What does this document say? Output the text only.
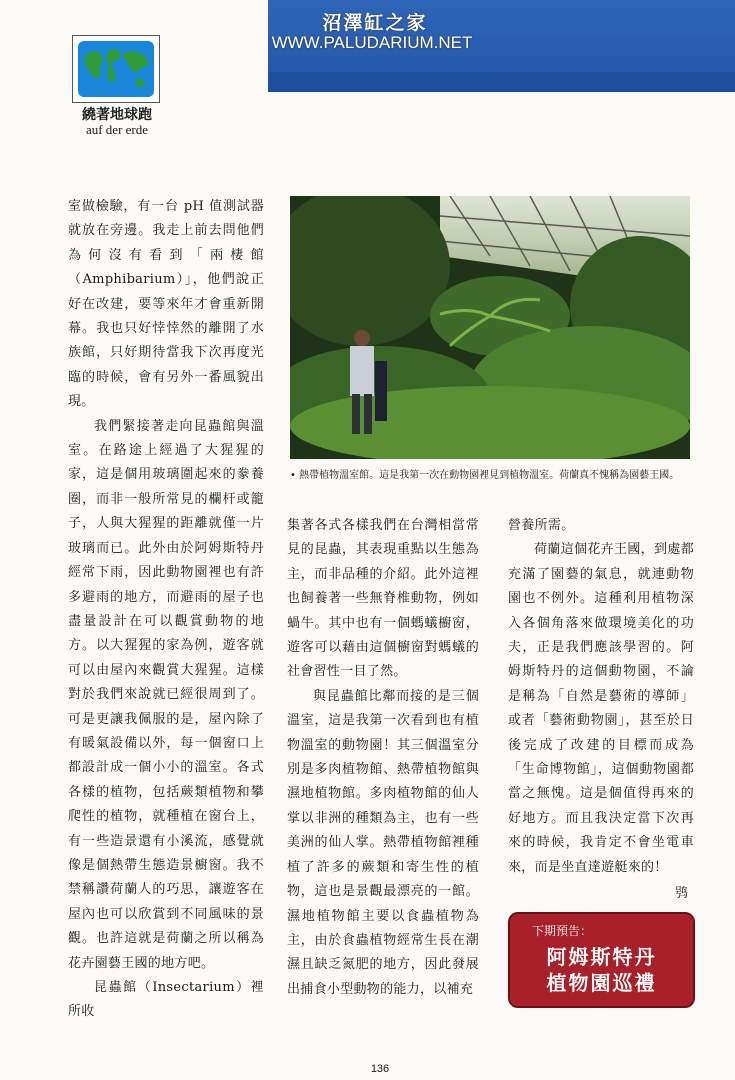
沼澤缸之家
WWW.PALUDARIUM.NET
繞著地球跑
auf der erde
• 熱帶植物溫室館。這是我第一次在動物園裡見到植物溫室。荷蘭真不愧稱為園藝王國。

室做檢驗，有一台 pH 值測試器就放在旁邊。我走上前去問他們為何沒有看到「兩棲館（Amphibarium）」，他們說正好在改建，要等來年才會重新開幕。我也只好悻悻然的離開了水族館，只好期待當我下次再度光臨的時候，會有另外一番風貌出現。

我們緊接著走向昆蟲館與溫室。在路途上經過了大猩猩的家，這是個用玻璃圍起來的豢養圈，而非一般所常見的欄杆或籠子，人與大猩猩的距離就僅一片玻璃而已。此外由於阿姆斯特丹經常下雨，因此動物園裡也有許多避雨的地方，而避雨的屋子也盡量設計在可以觀賞動物的地方。以大猩猩的家為例，遊客就可以由屋內來觀賞大猩猩。這樣對於我們來說就已經很周到了。可是更讓我佩服的是，屋內除了有暖氣設備以外，每一個窗口上都設計成一個小小的溫室。各式各樣的植物，包括蕨類植物和攀爬性的植物，就種植在窗台上，有一些造景還有小溪流，感覺就像是個熱帶生態造景櫥窗。我不禁稱讚荷蘭人的巧思，讓遊客在屋內也可以欣賞到不同風味的景觀。也許這就是荷蘭之所以稱為花卉園藝王國的地方吧。

昆蟲館（Insectarium）裡所收

集著各式各樣我們在台灣相當常見的昆蟲，其表現重點以生態為主，而非品種的介紹。此外這裡也飼養著一些無脊椎動物，例如蝸牛。其中也有一個螞蟻櫥窗，遊客可以藉由這個櫥窗對螞蟻的社會習性一目了然。

與昆蟲館比鄰而接的是三個溫室，這是我第一次看到也有植物溫室的動物園！其三個溫室分別是多肉植物館、熱帶植物館與濕地植物館。多肉植物館的仙人掌以非洲的種類為主，也有一些美洲的仙人掌。熱帶植物館裡種植了許多的蕨類和寄生性的植物，這也是景觀最漂亮的一館。濕地植物館主要以食蟲植物為主，由於食蟲植物經常生長在潮濕且缺乏氮肥的地方，因此發展出捕食小型動物的能力，以補充

營養所需。

荷蘭這個花卉王國，到處都充滿了園藝的氣息，就連動物園也不例外。這種利用植物深入各個角落來做環境美化的功夫，正是我們應該學習的。阿姆斯特丹的這個動物園，不論是稱為「自然是藝術的導師」或者「藝術動物園」，甚至於日後完成了改建的目標而成為「生命博物館」，這個動物園都當之無愧。這是個值得再來的好地方。而且我決定當下次再來的時候，我肯定不會坐電車來，而是坐直達遊艇來的！

鸮
下期預告：
阿姆斯特丹
植物園巡禮
136
